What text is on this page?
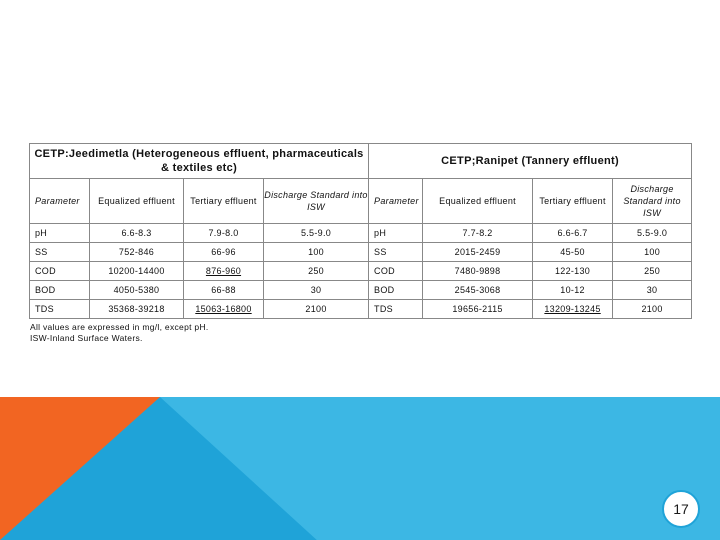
CETP:Jeedimetla (Heterogeneous effluent, pharmaceuticals & textiles etc)				CETP;Ranipet (Tannery effluent)			
Parameter	Equalized effluent	Tertiary effluent	Discharge Standard into ISW	Parameter	Equalized effluent	Tertiary effluent	Discharge Standard into ISW
pH	6.6-8.3	7.9-8.0	5.5-9.0	pH	7.7-8.2	6.6-6.7	5.5-9.0
SS	752-846	66-96	100	SS	2015-2459	45-50	100
COD	10200-14400	876-960	250	COD	7480-9898	122-130	250
BOD	4050-5380	66-88	30	BOD	2545-3068	10-12	30
TDS	35368-39218	15063-16800	2100	TDS	19656-2115	13209-13245	2100
All values are expressed in mg/l, except pH.
ISW-Inland Surface Waters.
17
